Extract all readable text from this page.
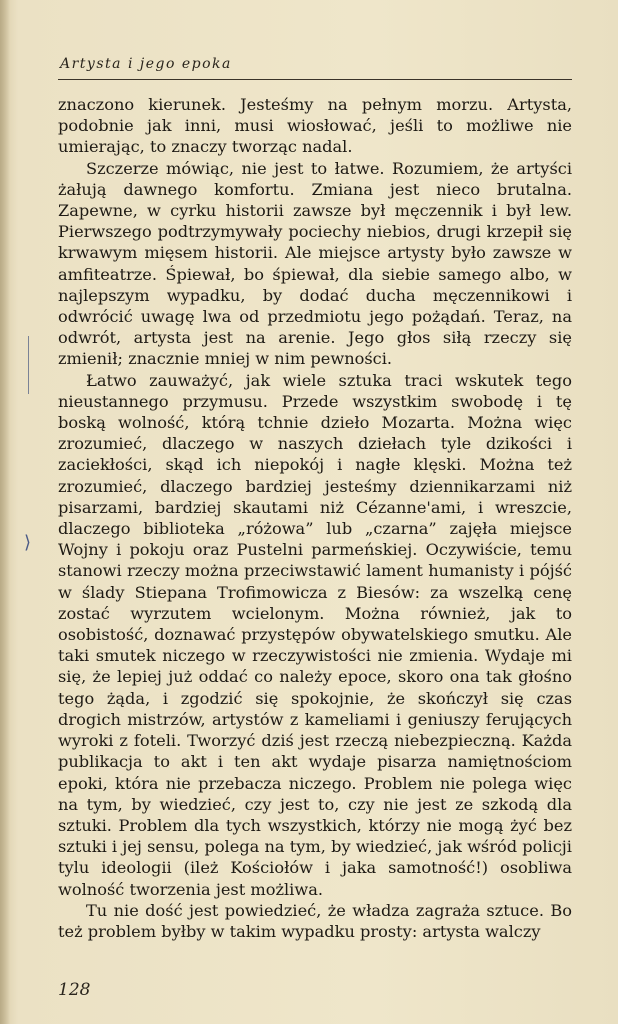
Artysta i jego epoka

znaczono kierunek. Jesteśmy na pełnym morzu. Artysta, podobnie jak inni, musi wiosłować, jeśli to możliwe nie umierając, to znaczy tworząc nadal.

Szczerze mówiąc, nie jest to łatwe. Rozumiem, że artyści żałują dawnego komfortu. Zmiana jest nieco brutalna. Zapewne, w cyrku historii zawsze był męczennik i był lew. Pierwszego podtrzymywały pociechy niebios, drugi krzepił się krwawym mięsem historii. Ale miejsce artysty było zawsze w amfiteatrze. Śpiewał, bo śpiewał, dla siebie samego albo, w najlepszym wypadku, by dodać ducha męczennikowi i odwrócić uwagę lwa od przedmiotu jego pożądań. Teraz, na odwrót, artysta jest na arenie. Jego głos siłą rzeczy się zmienił; znacznie mniej w nim pewności.

Łatwo zauważyć, jak wiele sztuka traci wskutek tego nieustannego przymusu. Przede wszystkim swobodę i tę boską wolność, którą tchnie dzieło Mozarta. Można więc zrozumieć, dlaczego w naszych dziełach tyle dzikości i zaciekłości, skąd ich niepokój i nagłe klęski. Można też zrozumieć, dlaczego bardziej jesteśmy dziennikarzami niż pisarzami, bardziej skautami niż Cézanne'ami, i wreszcie, dlaczego biblioteka „różowa” lub „czarna” zajęła miejsce Wojny i pokoju oraz Pustelni parmeńskiej. Oczywiście, temu stanowi rzeczy można przeciwstawić lament humanisty i pójść w ślady Stiepana Trofimowicza z Biesów: za wszelką cenę zostać wyrzutem wcielonym. Można również, jak to osobistość, doznawać przystępów obywatelskiego smutku. Ale taki smutek niczego w rzeczywistości nie zmienia. Wydaje mi się, że lepiej już oddać co należy epoce, skoro ona tak głośno tego żąda, i zgodzić się spokojnie, że skończył się czas drogich mistrzów, artystów z kameliami i geniuszy ferujących wyroki z foteli. Tworzyć dziś jest rzeczą niebezpieczną. Każda publikacja to akt i ten akt wydaje pisarza namiętnościom epoki, która nie przebacza niczego. Problem nie polega więc na tym, by wiedzieć, czy jest to, czy nie jest ze szkodą dla sztuki. Problem dla tych wszystkich, którzy nie mogą żyć bez sztuki i jej sensu, polega na tym, by wiedzieć, jak wśród policji tylu ideologii (ileż Kościołów i jaka samotność!) osobliwa wolność tworzenia jest możliwa.

Tu nie dość jest powiedzieć, że władza zagraża sztuce. Bo też problem byłby w takim wypadku prosty: artysta walczy

⟩
128
